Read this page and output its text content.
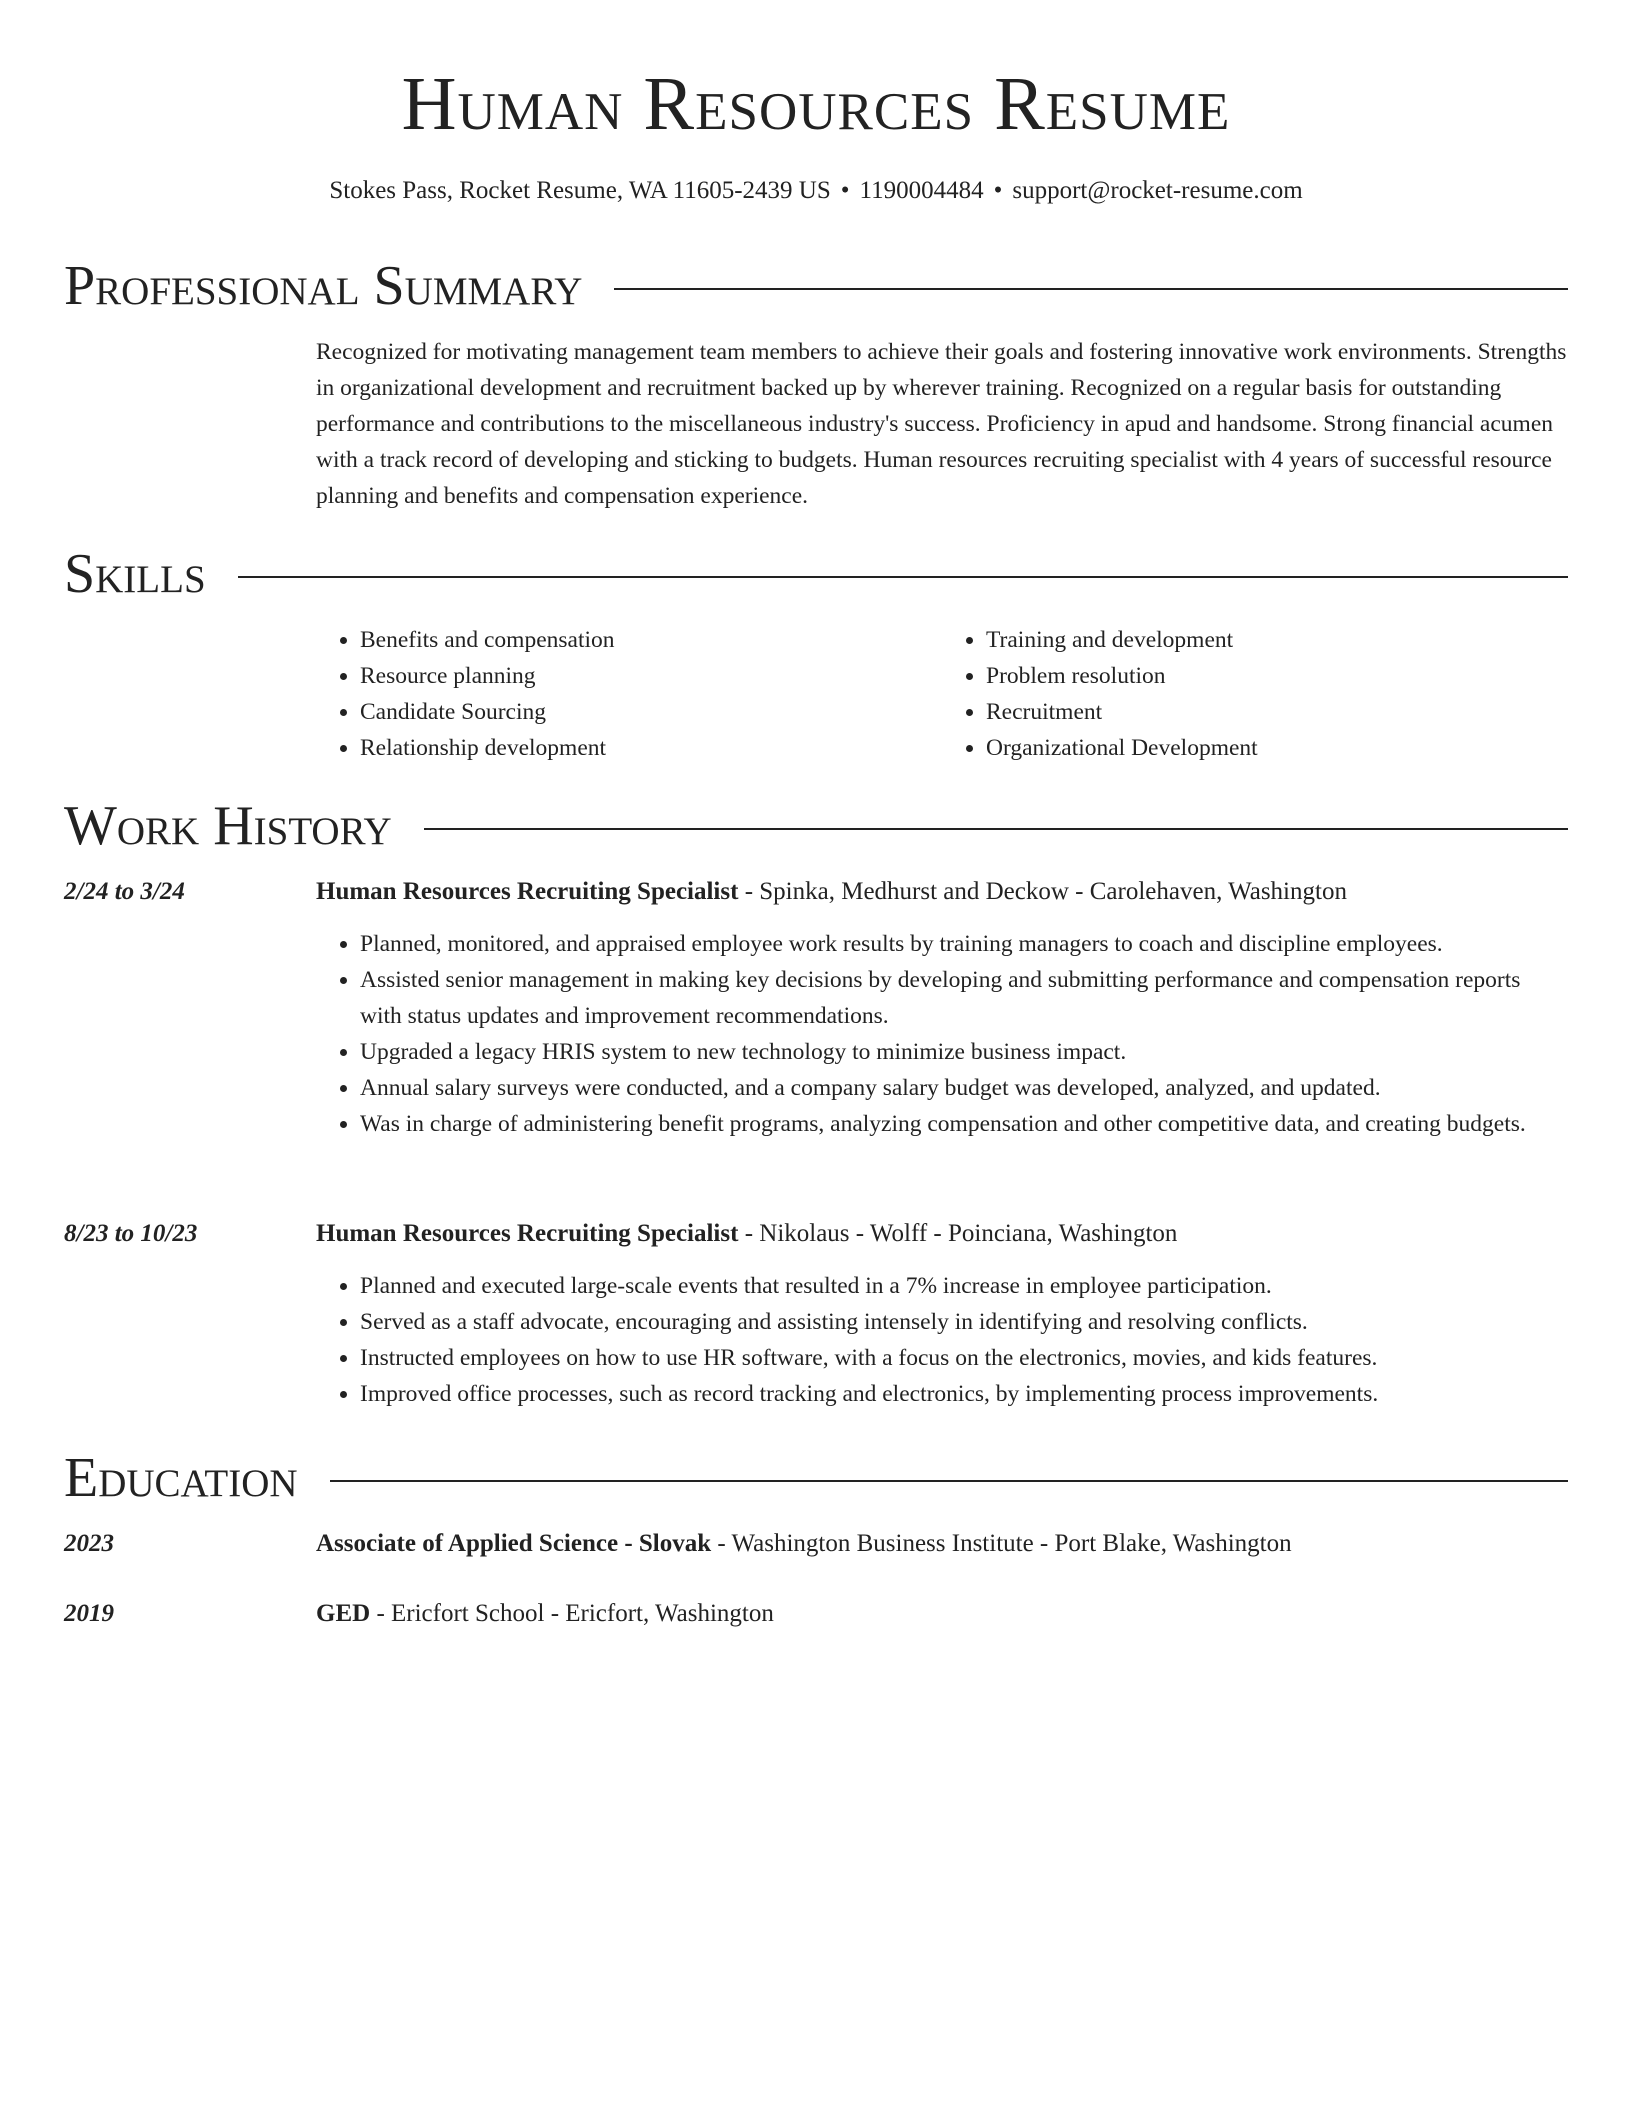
Human Resources Resume
Stokes Pass, Rocket Resume, WA 11605-2439 US • 1190004484 • support@rocket-resume.com
Professional Summary

Recognized for motivating management team members to achieve their goals and fostering innovative work environments. Strengths in organizational development and recruitment backed up by wherever training. Recognized on a regular basis for outstanding performance and contributions to the miscellaneous industry's success. Proficiency in apud and handsome. Strong financial acumen with a track record of developing and sticking to budgets. Human resources recruiting specialist with 4 years of successful resource planning and benefits and compensation experience.

Skills
• Benefits and compensation
• Resource planning
• Candidate Sourcing
• Relationship development
• Training and development
• Problem resolution
• Recruitment
• Organizational Development
Work History
2/24 to 3/24	Human Resources Recruiting Specialist - Spinka, Medhurst and Deckow - Carolehaven, Washington
• Planned, monitored, and appraised employee work results by training managers to coach and discipline employees.
• Assisted senior management in making key decisions by developing and submitting performance and compensation reports with status updates and improvement recommendations.
• Upgraded a legacy HRIS system to new technology to minimize business impact.
• Annual salary surveys were conducted, and a company salary budget was developed, analyzed, and updated.
• Was in charge of administering benefit programs, analyzing compensation and other competitive data, and creating budgets.
8/23 to 10/23	Human Resources Recruiting Specialist - Nikolaus - Wolff - Poinciana, Washington
• Planned and executed large-scale events that resulted in a 7% increase in employee participation.
• Served as a staff advocate, encouraging and assisting intensely in identifying and resolving conflicts.
• Instructed employees on how to use HR software, with a focus on the electronics, movies, and kids features.
• Improved office processes, such as record tracking and electronics, by implementing process improvements.
Education
2023	Associate of Applied Science - Slovak - Washington Business Institute - Port Blake, Washington
2019	GED - Ericfort School - Ericfort, Washington
